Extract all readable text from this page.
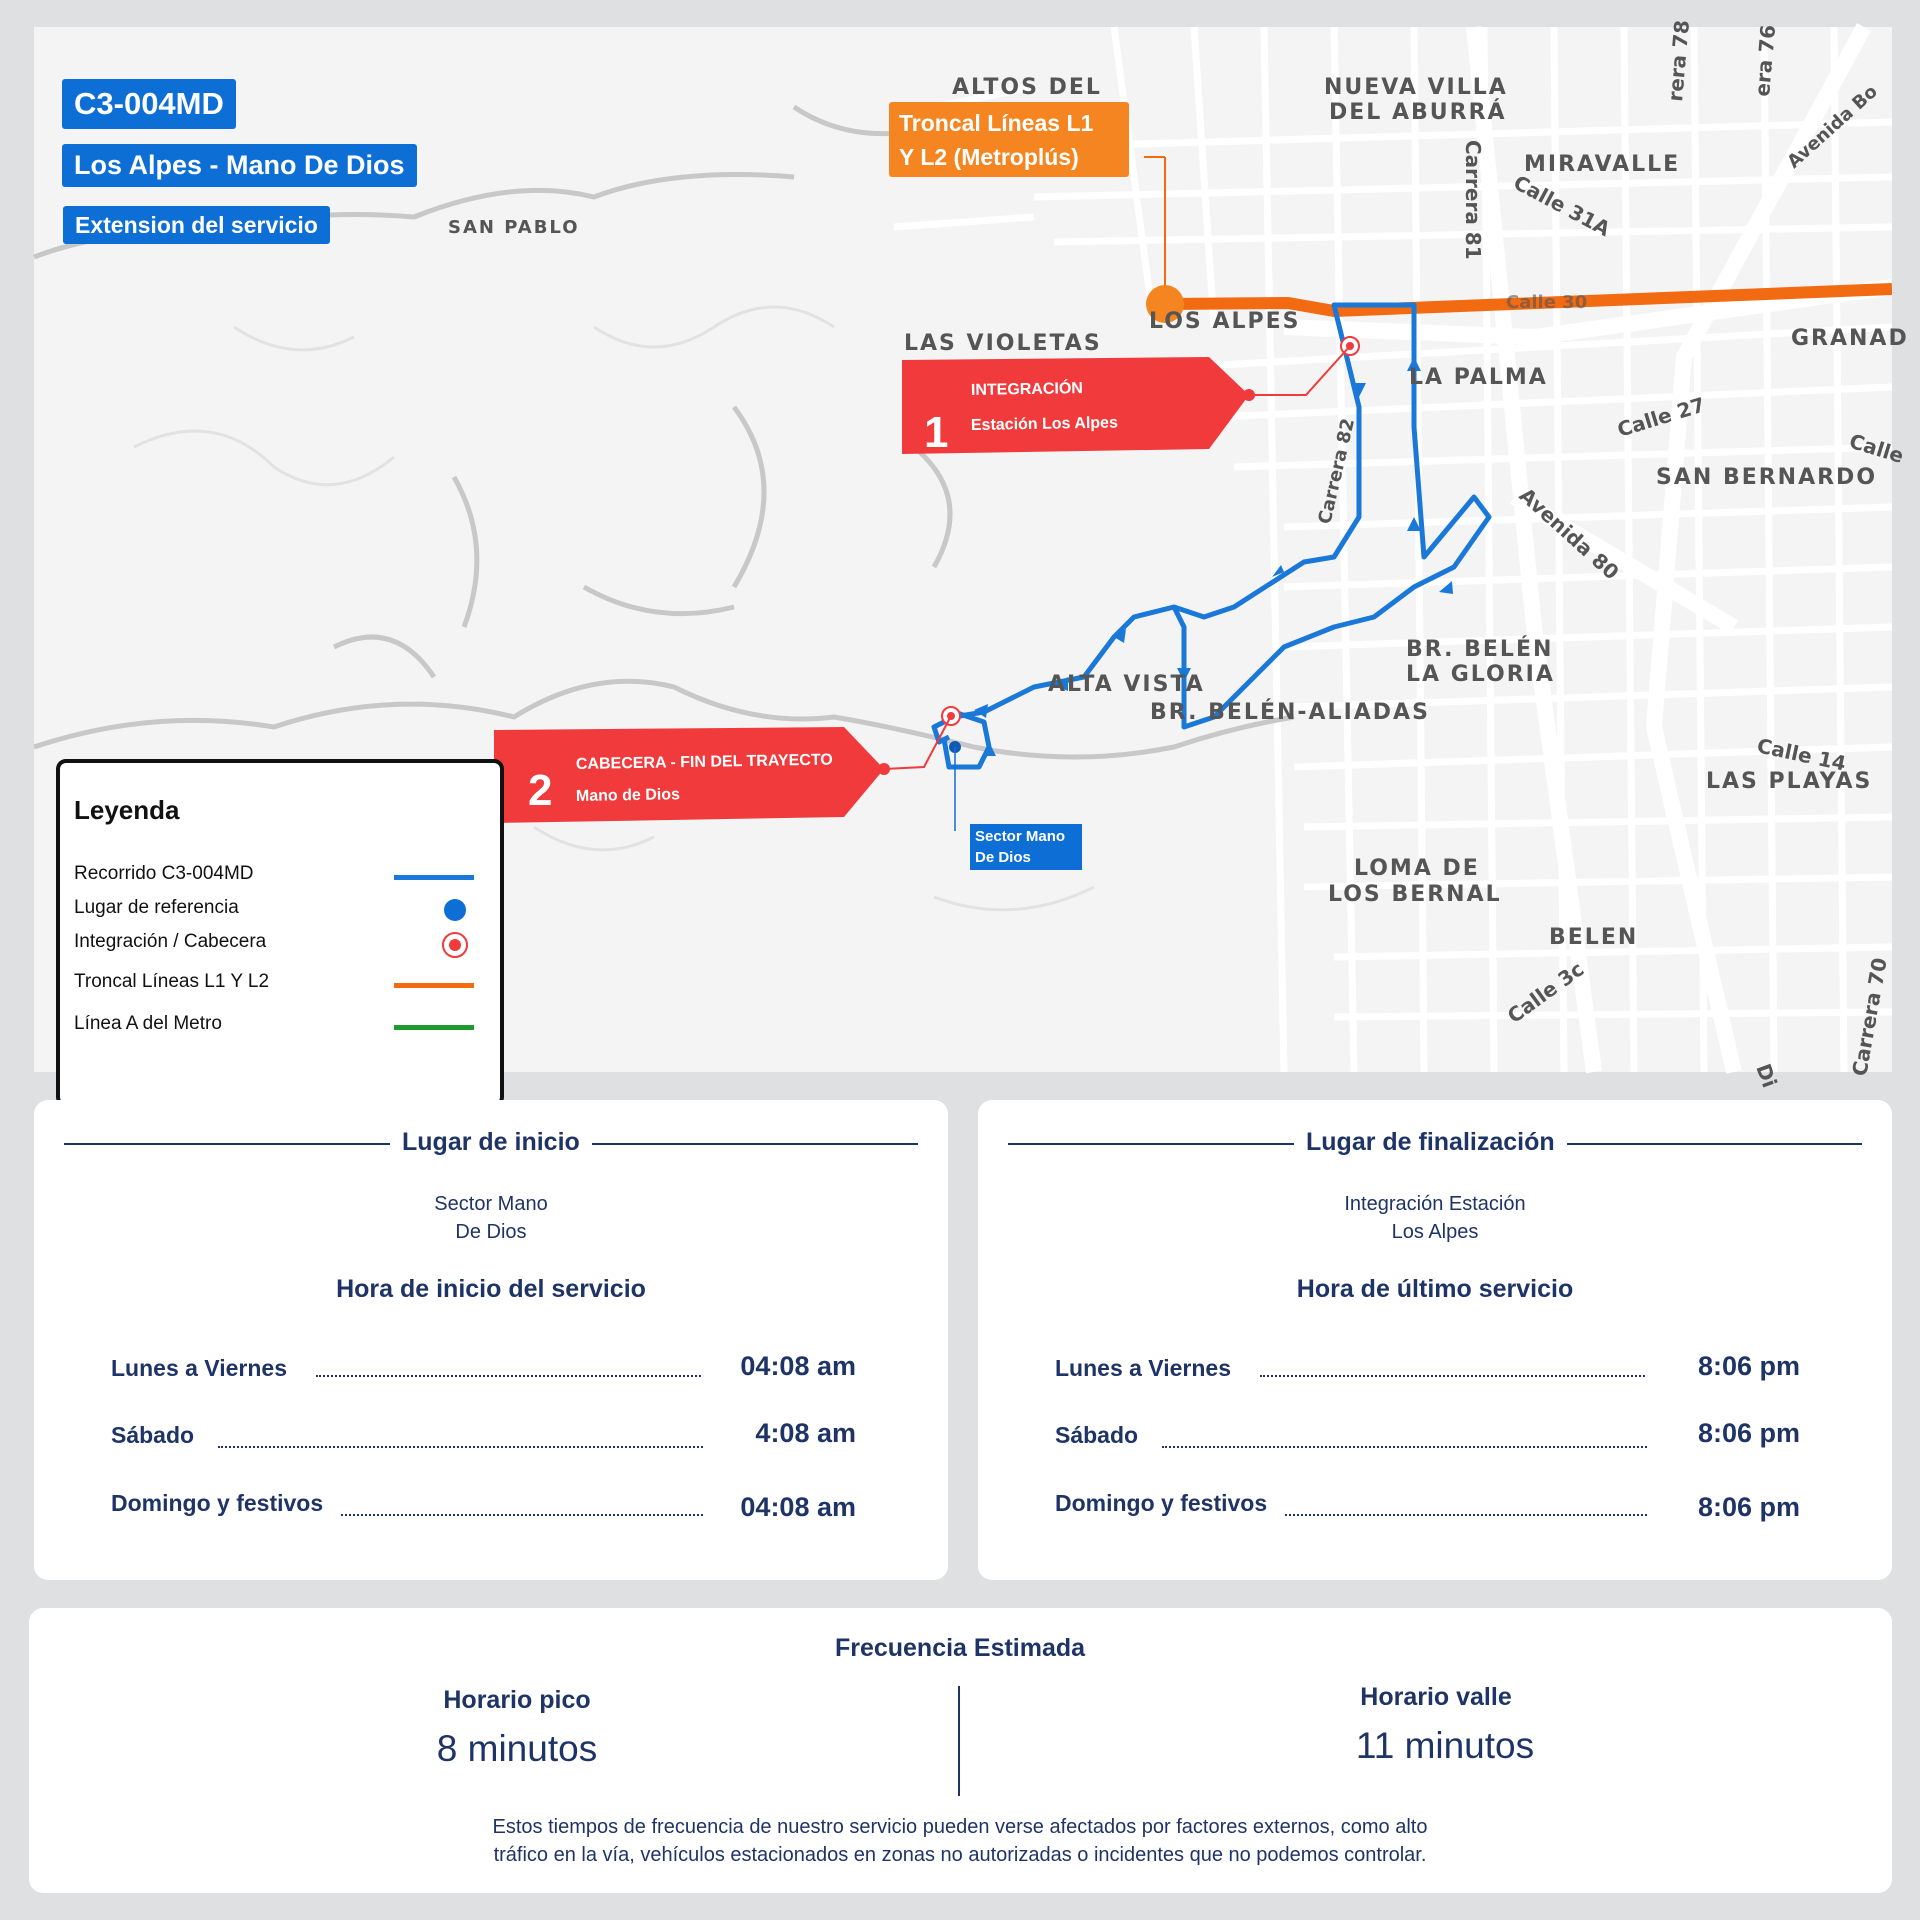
ALTOS DEL	NUEVA VILLA
DEL ABURRÁ
MIRAVALLE
SAN PABLO
LAS VIOLETAS
LOS ALPES
LA PALMA
GRANAD
SAN BERNARDO
ALTA VISTA
BR. BELÉN
LA GLORIA
BR. BELÉN-ALIADAS
LAS PLAYAS
LOMA DE
LOS BERNAL
BELEN
Carrera 81 Calle 31A
Avenida Bo
Calle 30
Calle 27
Calle
Carrera 82
Avenida 80
Calle 14
Calle 3c	Carrera 70
rera 78	era 76
Di
1
INTEGRACIÓN
Estación Los Alpes
2
CABECERA - FIN DEL TRAYECTO
Mano de Dios
C3-004MD
Los Alpes - Mano De Dios
Extension del servicio
Troncal Líneas L1
Y L2 (Metroplús)
Sector Mano
De Dios
Leyenda
Recorrido C3-004MD
Lugar de referencia
Integración / Cabecera
Troncal Líneas L1 Y L2
Línea A del Metro
Lugar de inicio
Sector Mano
De Dios
Hora de inicio del servicio
Lunes a Viernes	04:08 am
Sábado	4:08 am
Domingo y festivos	04:08 am
Lugar de finalización
Integración Estación
Los Alpes
Hora de último servicio
Lunes a Viernes	8:06 pm
Sábado	8:06 pm
Domingo y festivos	8:06 pm
Frecuencia Estimada
Horario pico
8 minutos
Horario valle
11 minutos
Estos tiempos de frecuencia de nuestro servicio pueden verse afectados por factores externos, como alto
tráfico en la vía, vehículos estacionados en zonas no autorizadas o incidentes que no podemos controlar.
